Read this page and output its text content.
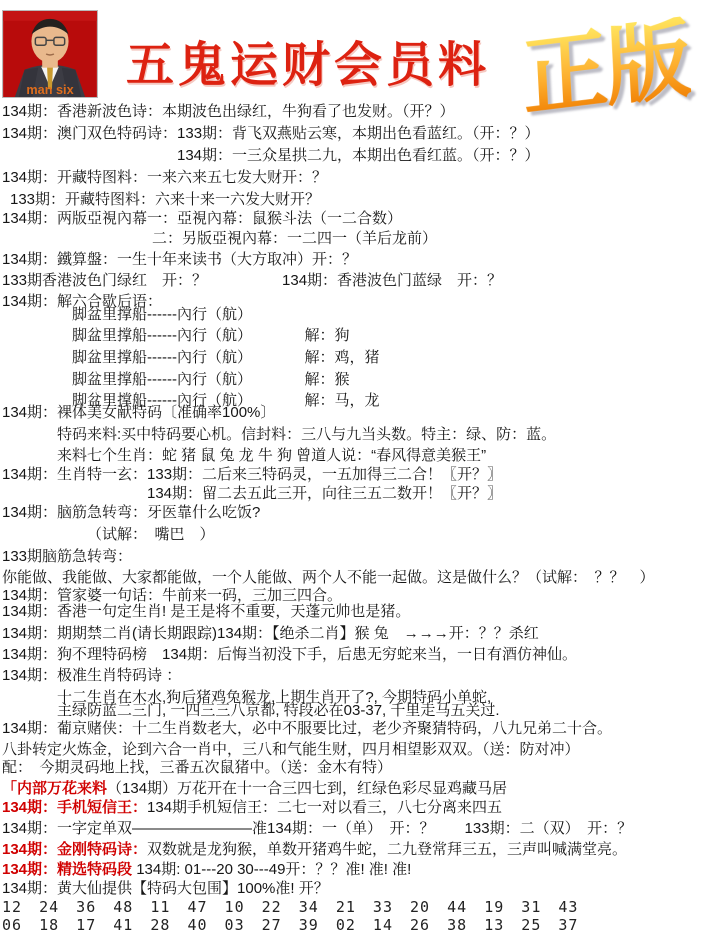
man six	五鬼运财会员料 正版
134期：香港新波色诗：本期波色出绿红，牛狗看了也发财。（开？）
134期：澳门双色特码诗：133期：背飞双燕贴云寒，本期出色看蓝红。（开：？）
134期：一三众星拱二九，本期出色看红蓝。（开：？）
134期：开藏特图料：一来六来五七发大财开：？
133期：开藏特图料：六来十来一六发大财开？
134期：两版亞視內幕一：亞視內幕：鼠猴斗法（一二合数）
二：另版亞視內幕：一二四一（羊后龙前）
134期：鐵算盤：一生十年来读书（大方取冲）开：？
133期香港波色门绿红　开：？　　　　　134期：香港波色门蓝绿　开：？
134期：解六合歇后语：
脚盆里撑船------內行（航）
脚盆里撑船------內行（航）　　　　解：狗
脚盆里撑船------內行（航）　　　　解：鸡，猪
脚盆里撑船------內行（航）　　　　解：猴
脚盆里撑船------內行（航）　　　　解：马，龙
134期：裸体美女献特码〔准确率100%〕
特码来料:买中特码要心机。信封料：三八与九当头数。特主：绿、防：蓝。
来料七个生肖：蛇 猪 鼠 兔 龙 牛 狗 曾道人说：“春风得意美猴王”
134期：生肖特一玄：133期：二后来三特码灵，一五加得三二合！〖开？〗
134期：留二去五此三开，向往三五二数开！〖开？〗
134期：脑筋急转弯：牙医靠什么吃饭?
（试解：　嘴巴　）
133期脑筋急转弯：
你能做、我能做、大家都能做，一个人能做、两个人不能一起做。这是做什么？（试解：　？？　）
134期：管家婆一句话：牛前来一码，三加三四合。
134期：香港一句定生肖! 是王是将不重要，天蓬元帅也是猪。
134期：期期禁二肖(请长期跟踪)134期：【绝杀二肖】猴 兔　→→→开：？？杀红
134期：狗不理特码榜　134期：后悔当初没下手，后患无穷蛇来当，一日有酒仿神仙。
134期：极准生肖特码诗 ：
十二生肖在木水,狗后猪鸡兔猴龙,上期生肖开了?, 今期特码小单蛇,
主绿防蓝二三门, 一四三三八京都, 特段必在03-37, 千里走马五关过.
134期：葡京赌侠：十二生肖数老大，必中不服要比过，老少齐聚猜特码，八九兄弟二十合。
八卦转定火炼金，论到六合一肖中，三八和气能生财，四月相望影双双。（送：防对冲）
配：　今期灵码地上找，三番五次鼠猪中。（送：金木有特）
「内部万花来料（134期）万花开在十一合三四七到，红绿色彩尽显鸡藏马居
134期：手机短信王：134期手机短信王：二七一对以看三，八七分离来四五
134期：一字定单双————————准134期：一（单）　开：？　　133期：二（双）　开：？
134期：金刚特码诗：双数就是龙狗猴，单数开猪鸡牛蛇，二九登常拜三五，三声叫喊满堂亮。
134期：精选特码段 134期: 01---20 30---49开：？？准! 准! 准!
134期：黄大仙提供【特码大包围】100%准! 开？
12 24 36 48 11 47 10 22 34 21 33 20 44 19 31 43
06 18 17 41 28 40 03 27 39 02 14 26 38 13 25 37
